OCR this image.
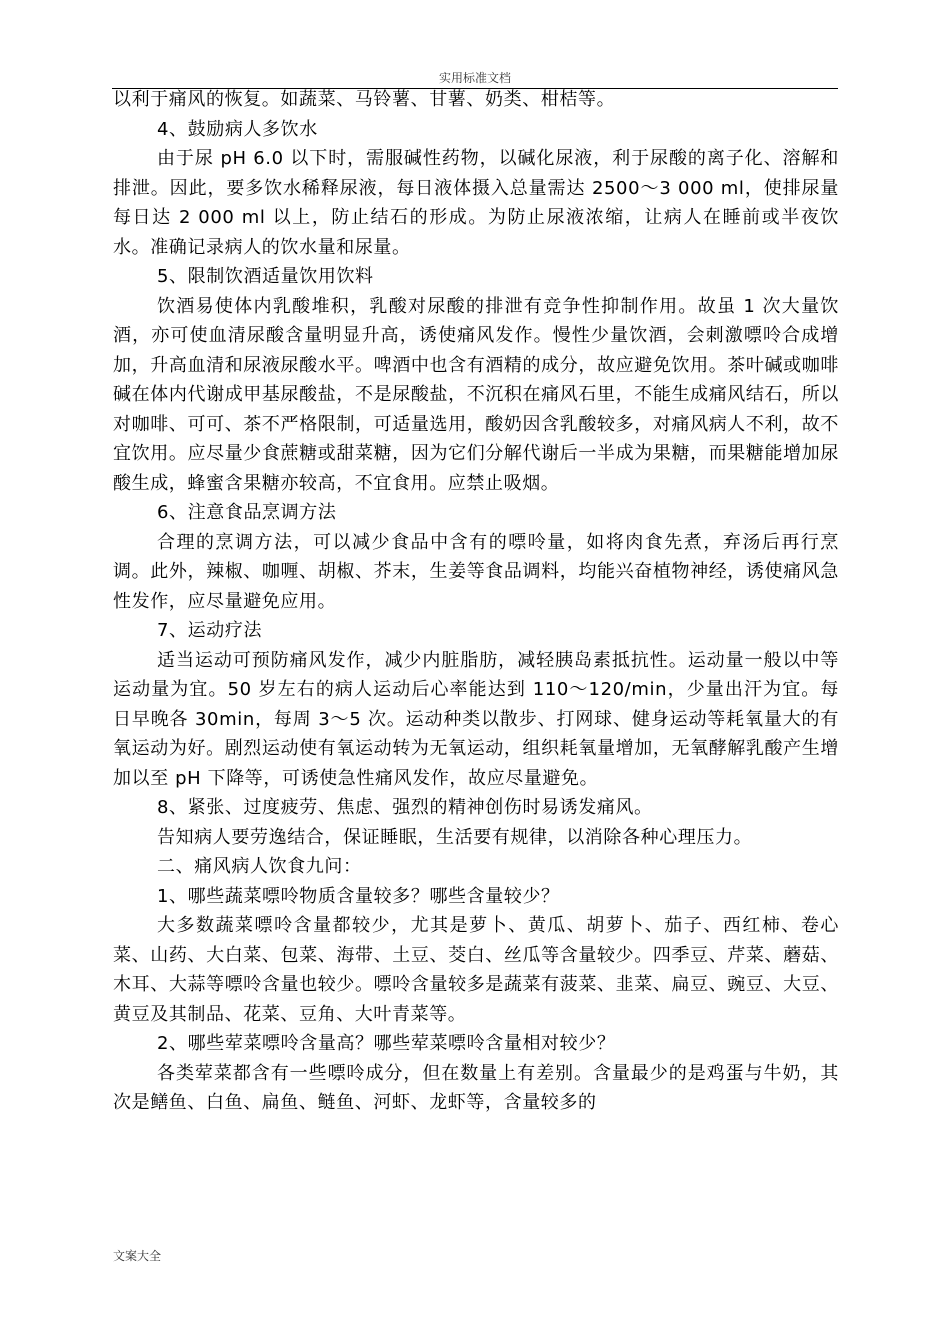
实用标准文档

以利于痛风的恢复。如蔬菜、马铃薯、甘薯、奶类、柑桔等。

4、鼓励病人多饮水

由于尿 pH 6.0 以下时，需服碱性药物，以碱化尿液，利于尿酸的离子化、溶解和排泄。因此，要多饮水稀释尿液，每日液体摄入总量需达 2500～3 000 ml，使排尿量每日达 2 000 ml 以上，防止结石的形成。为防止尿液浓缩，让病人在睡前或半夜饮水。准确记录病人的饮水量和尿量。

5、限制饮酒适量饮用饮料

饮酒易使体内乳酸堆积，乳酸对尿酸的排泄有竞争性抑制作用。故虽 1 次大量饮酒，亦可使血清尿酸含量明显升高，诱使痛风发作。慢性少量饮酒，会刺激嘌呤合成增加，升高血清和尿液尿酸水平。啤酒中也含有酒精的成分，故应避免饮用。茶叶碱或咖啡碱在体内代谢成甲基尿酸盐，不是尿酸盐，不沉积在痛风石里，不能生成痛风结石，所以对咖啡、可可、茶不严格限制，可适量选用，酸奶因含乳酸较多，对痛风病人不利，故不宜饮用。应尽量少食蔗糖或甜菜糖，因为它们分解代谢后一半成为果糖，而果糖能增加尿酸生成，蜂蜜含果糖亦较高，不宜食用。应禁止吸烟。

6、注意食品烹调方法

合理的烹调方法，可以减少食品中含有的嘌呤量，如将肉食先煮，弃汤后再行烹调。此外，辣椒、咖喱、胡椒、芥末，生姜等食品调料，均能兴奋植物神经，诱使痛风急性发作，应尽量避免应用。

7、运动疗法

适当运动可预防痛风发作，减少内脏脂肪，减轻胰岛素抵抗性。运动量一般以中等运动量为宜。50 岁左右的病人运动后心率能达到 110～120/min，少量出汗为宜。每日早晚各 30min，每周 3～5 次。运动种类以散步、打网球、健身运动等耗氧量大的有氧运动为好。剧烈运动使有氧运动转为无氧运动，组织耗氧量增加，无氧酵解乳酸产生增加以至 pH 下降等，可诱使急性痛风发作，故应尽量避免。

8、紧张、过度疲劳、焦虑、强烈的精神创伤时易诱发痛风。

告知病人要劳逸结合，保证睡眠，生活要有规律，以消除各种心理压力。

二、痛风病人饮食九问：

1、哪些蔬菜嘌呤物质含量较多？哪些含量较少？

大多数蔬菜嘌呤含量都较少，尤其是萝卜、黄瓜、胡萝卜、茄子、西红柿、卷心菜、山药、大白菜、包菜、海带、土豆、茭白、丝瓜等含量较少。四季豆、芹菜、蘑菇、木耳、大蒜等嘌呤含量也较少。嘌呤含量较多是蔬菜有菠菜、韭菜、扁豆、豌豆、大豆、黄豆及其制品、花菜、豆角、大叶青菜等。

2、哪些荤菜嘌呤含量高？哪些荤菜嘌呤含量相对较少？

各类荤菜都含有一些嘌呤成分，但在数量上有差别。含量最少的是鸡蛋与牛奶，其次是鳝鱼、白鱼、扁鱼、鲢鱼、河虾、龙虾等，含量较多的

文案大全
